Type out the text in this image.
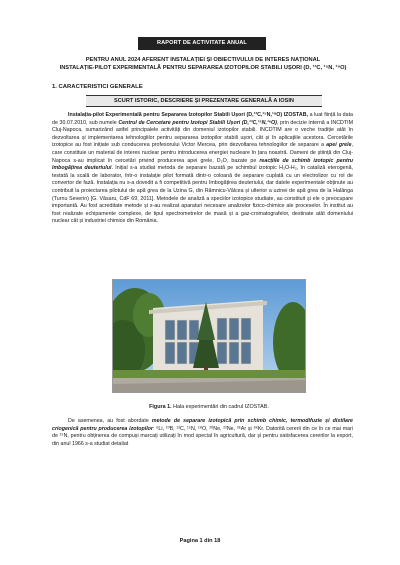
RAPORT DE ACTIVITATE ANUAL
PENTRU ANUL 2024 AFERENT INSTALAȚIEI ȘI OBIECTIVULUI DE INTERES NAȚIONAL
INSTALAȚIE-PILOT EXPERIMENTALĂ PENTRU SEPARAREA IZOTOPILOR STABILI UȘORI (D, ¹³C, ¹⁵N, ¹⁸O)
1. CARACTERISTICI GENERALE
SCURT ISTORIC, DESCRIERE ȘI PREZENTARE GENERALĂ A IOSIN
Instalația-pilot Experimentală pentru Separarea Izotopilor Stabili Ușori (D,¹³C,¹⁵N,¹⁸O) IZOSTAB, a luat ființă la data de 30.07.2010, sub numele Centrul de Cercetare pentru Izotopi Stabili Ușori (D,¹³C,¹⁵N,¹⁸O), prin decizie internă a INCDTIM Cluj-Napoca, sumarizând astfel principalele activități din domeniul izotopilor stabili. INCDTIM are o veche tradiție atât în dezvoltarea și implementarea tehnologiilor pentru separarea izotopilor stabili ușori, cât și în aplicațiile acestora. Cercetările izotopice au fost inițiate sub conducerea profesorului Victor Mercea, prin dezvoltarea tehnologiilor de separare a apei grele, care constituie un material de interes nuclear pentru introducerea energiei nucleare în țara noastră. Oameni de știință din Cluj-Napoca s-au implicat în cercetări privind producerea apei grele, D₂O, bazate pe reacțiile de schimb izotopic pentru îmbogățirea deuteriului. Inițial s-a studiat metoda de separare bazată pe schimbul izotopic H₂O-H₂, în cataliză eterogenă, testată la scală de laborator, într-o instalație pilot formată dintr-o coloană de separare cuplată cu un electrolizor cu rol de convertor de fază. Instalația nu s-a dovedit a fi competitivă pentru îmbogățirea deuteriului, dar datele experimentale obținute au contribuit la proiectarea pilotului de apă grea de la Uzina G, din Râmnicu-Vâlcea și ulterior a uzinei de apă grea de la Halânga (Turnu Severin) [G. Văsaru, CdF 69, 2011]. Metodele de analiză a speciilor izotopice studiate, au constituit și ele o preocupare importantă. Au fost acreditate metode și s-au realizat aparaturi necesare analizelor fizico-chimice ale proceselor. În institut au fost realizate echipamente complexe, de tipul spectrometrelor de masă și a gaz-cromatografelor, destinate atât domeniului nuclear cât și industriei chimice din România.
Figura 1. Hala experimentări din cadrul IZOSTAB.
De asemenea, au fost abordate metode de separare izotopică prin schimb chimic, termodifuzie și distilare criogenică pentru producerea izotopilor: ⁶Li, ¹⁰B, ¹³C, ¹⁵N, ¹⁸O, ²⁰Ne, ²²Ne, ³⁶Ar și ⁸⁶Kr. Datorită cererii din ce în ce mai mari de ¹⁵N, pentru obținerea de compuși marcați utilizați în mod special în agricultură, dar și pentru satisfacerea cererilor la export, din anul 1966 s-a studiat detaliat
Pagina 1 din 18
